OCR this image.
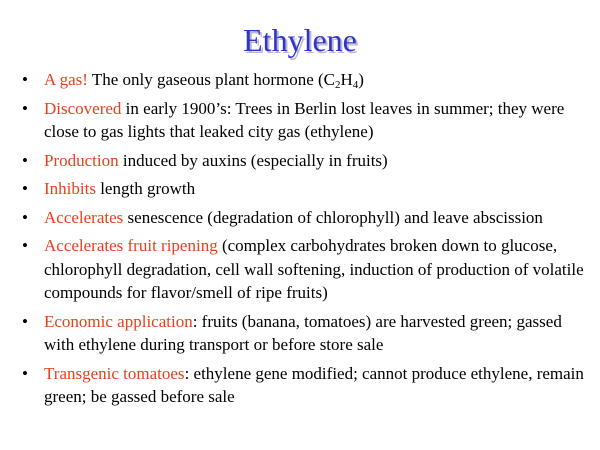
Ethylene
• A gas! The only gaseous plant hormone $(C_2H_4)$
• Discovered in early 1900’s: Trees in Berlin lost leaves in summer; they were close to gas lights that leaked city gas (ethylene)
• Production induced by auxins (especially in fruits)
• Inhibits length growth
• Accelerates senescence (degradation of chlorophyll) and leave abscission
• Accelerates fruit ripening (complex carbohydrates broken down to glucose, chlorophyll degradation, cell wall softening, induction of production of volatile compounds for flavor/smell of ripe fruits)
• Economic application: fruits (banana, tomatoes) are harvested green; gassed with ethylene during transport or before store sale
• Transgenic tomatoes: ethylene gene modified; cannot produce ethylene, remain green; be gassed before sale
